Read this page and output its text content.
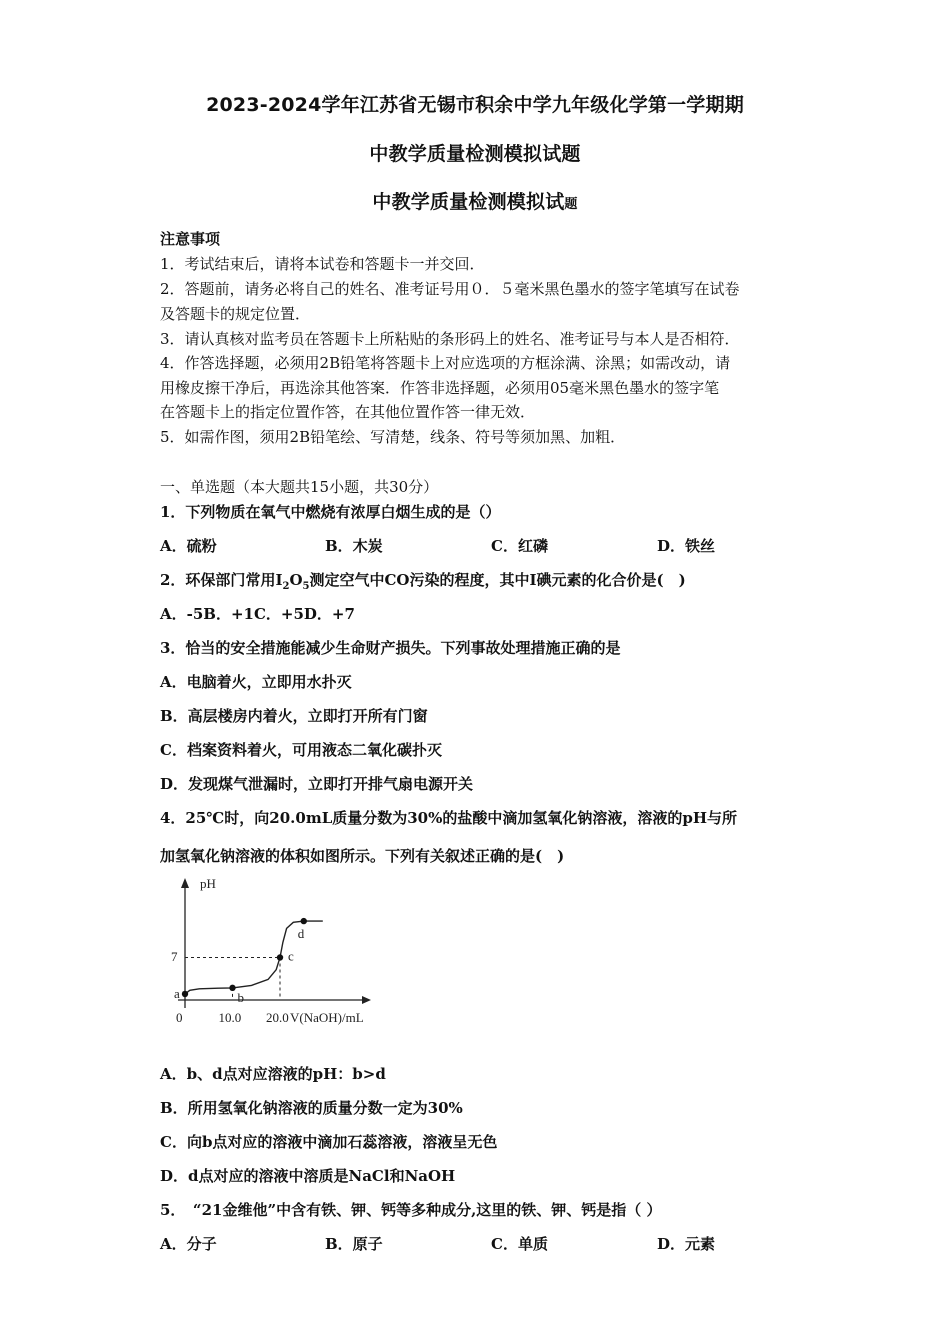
2023-2024学年江苏省无锡市积余中学九年级化学第一学期期
中教学质量检测模拟试题
中教学质量检测模拟试题
注意事项
1．考试结束后，请将本试卷和答题卡一并交回．
2．答题前，请务必将自己的姓名、准考证号用０．５毫米黑色墨水的签字笔填写在试卷
及答题卡的规定位置．
3．请认真核对监考员在答题卡上所粘贴的条形码上的姓名、准考证号与本人是否相符．
4．作答选择题，必须用2B铅笔将答题卡上对应选项的方框涂满、涂黑；如需改动，请
用橡皮擦干净后，再选涂其他答案．作答非选择题，必须用05毫米黑色墨水的签字笔
在答题卡上的指定位置作答，在其他位置作答一律无效．
5．如需作图，须用2B铅笔绘、写清楚，线条、符号等须加黑、加粗．
一、单选题（本大题共15小题，共30分）
1．下列物质在氧气中燃烧有浓厚白烟生成的是（）
A．硫粉	B．木炭	C．红磷	D．铁丝
2．环保部门常用$I_2O_5$测定空气中CO污染的程度，其中I碘元素的化合价是(　)
A．-5B．+1C．+5D．+7
3．恰当的安全措施能减少生命财产损失。下列事故处理措施正确的是
A．电脑着火，立即用水扑灭
B．高层楼房内着火，立即打开所有门窗
C．档案资料着火，可用液态二氧化碳扑灭
D．发现煤气泄漏时，立即打开排气扇电源开关
4．25℃时，向20.0mL质量分数为30%的盐酸中滴加氢氧化钠溶液，溶液的pH与所
加氢氧化钠溶液的体积如图所示。下列有关叙述正确的是(　)
pH
V(NaOH)/mL
0
7
10.0 20.0
a	b
c
d
A．b、d点对应溶液的pH：b>d
B．所用氢氧化钠溶液的质量分数一定为30%
C．向b点对应的溶液中滴加石蕊溶液，溶液呈无色
D．d点对应的溶液中溶质是NaCl和NaOH
5．　“21金维他”中含有铁、钾、钙等多种成分,这里的铁、钾、钙是指（ ）
A．分子	B．原子	C．单质	D．元素
